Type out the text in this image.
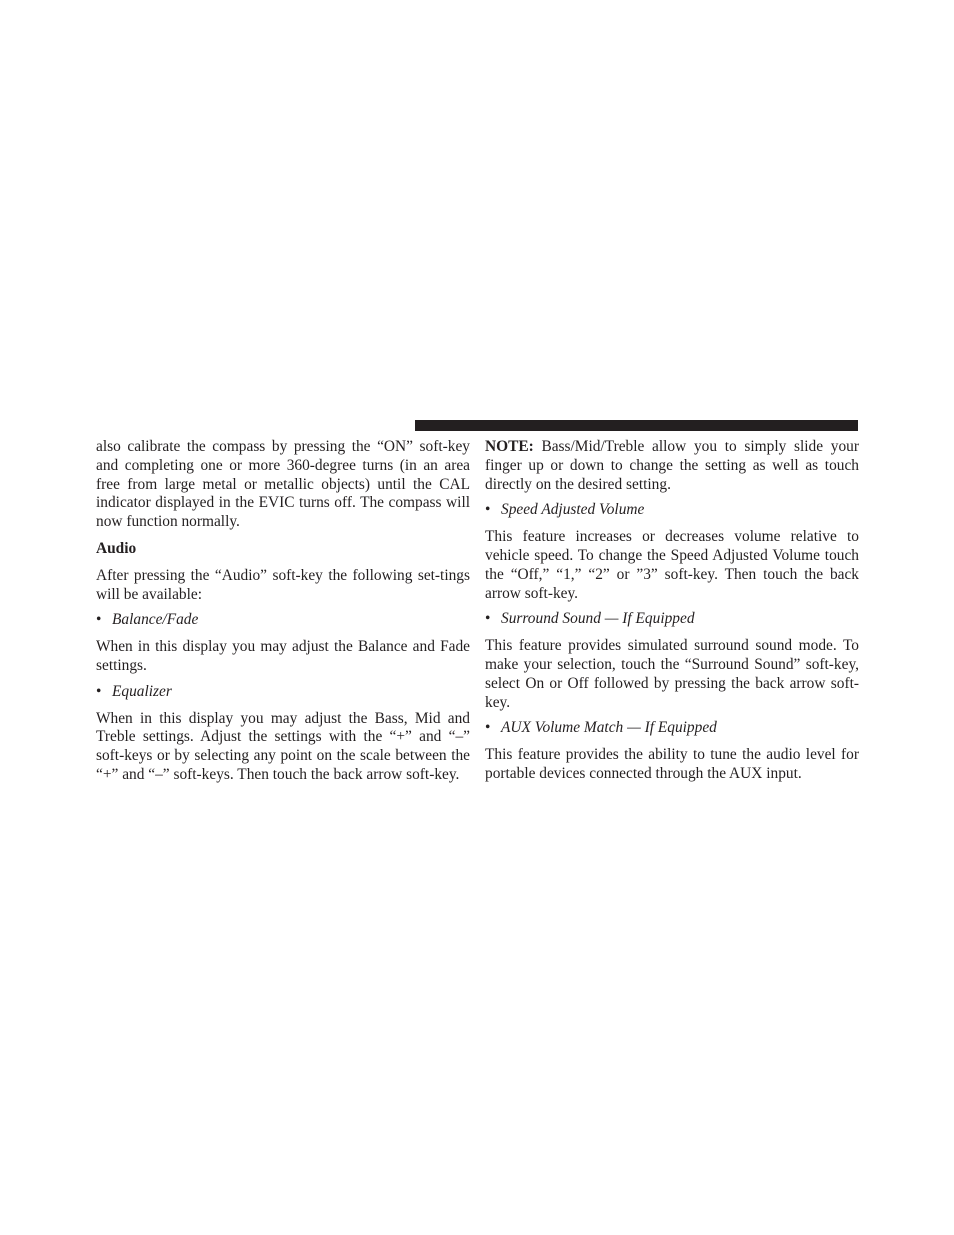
also calibrate the compass by pressing the “ON” soft-key and completing one or more 360-degree turns (in an area free from large metal or metallic objects) until the CAL indicator displayed in the EVIC turns off. The compass will now function normally.

Audio

After pressing the “Audio” soft-key the following set-tings will be available:

• Balance/Fade

When in this display you may adjust the Balance and Fade settings.

• Equalizer

When in this display you may adjust the Bass, Mid and Treble settings. Adjust the settings with the “+” and “–” soft-keys or by selecting any point on the scale between the “+” and “–” soft-keys. Then touch the back arrow soft-key.

NOTE: Bass/Mid/Treble allow you to simply slide your finger up or down to change the setting as well as touch directly on the desired setting.

• Speed Adjusted Volume

This feature increases or decreases volume relative to vehicle speed. To change the Speed Adjusted Volume touch the “Off,” “1,” “2” or ”3” soft-key. Then touch the back arrow soft-key.

• Surround Sound — If Equipped

This feature provides simulated surround sound mode. To make your selection, touch the “Surround Sound” soft-key, select On or Off followed by pressing the back arrow soft-key.

• AUX Volume Match — If Equipped

This feature provides the ability to tune the audio level for portable devices connected through the AUX input.
